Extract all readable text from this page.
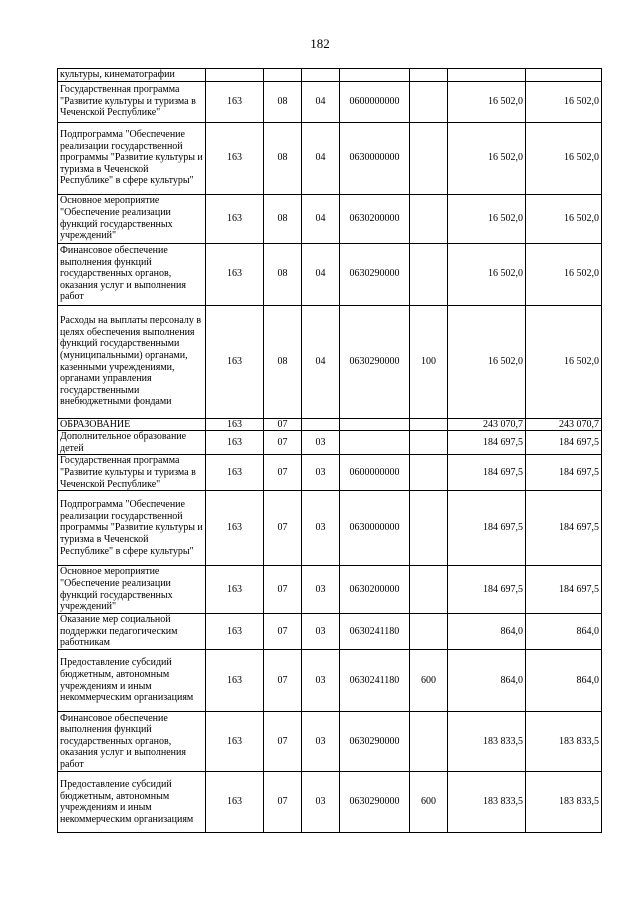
182
культуры, кинематографии							
Государственная программа "Развитие культуры и туризма в Чеченской Республике"	163	08	04	0600000000		16 502,0	16 502,0
Подпрограмма "Обеспечение реализации государственной программы "Развитие культуры и туризма в Чеченской Республике" в сфере культуры"	163	08	04	0630000000		16 502,0	16 502,0
Основное мероприятие "Обеспечение реализации функций государственных учреждений"	163	08	04	0630200000		16 502,0	16 502,0
Финансовое обеспечение выполнения функций государственных органов, оказания услуг и выполнения работ	163	08	04	0630290000		16 502,0	16 502,0
Расходы на выплаты персоналу в целях обеспечения выполнения функций государственными (муниципальными) органами, казенными учреждениями, органами управления государственными внебюджетными фондами	163	08	04	0630290000	100	16 502,0	16 502,0
ОБРАЗОВАНИЕ	163	07				243 070,7	243 070,7
Дополнительное образование детей	163	07	03			184 697,5	184 697,5
Государственная программа "Развитие культуры и туризма в Чеченской Республике"	163	07	03	0600000000		184 697,5	184 697,5
Подпрограмма "Обеспечение реализации государственной программы "Развитие культуры и туризма в Чеченской Республике" в сфере культуры"	163	07	03	0630000000		184 697,5	184 697,5
Основное мероприятие "Обеспечение реализации функций государственных учреждений"	163	07	03	0630200000		184 697,5	184 697,5
Оказание мер социальной поддержки педагогическим работникам	163	07	03	0630241180		864,0	864,0
Предоставление субсидий бюджетным, автономным учреждениям и иным некоммерческим организациям	163	07	03	0630241180	600	864,0	864,0
Финансовое обеспечение выполнения функций государственных органов, оказания услуг и выполнения работ	163	07	03	0630290000		183 833,5	183 833,5
Предоставление субсидий бюджетным, автономным учреждениям и иным некоммерческим организациям	163	07	03	0630290000	600	183 833,5	183 833,5
